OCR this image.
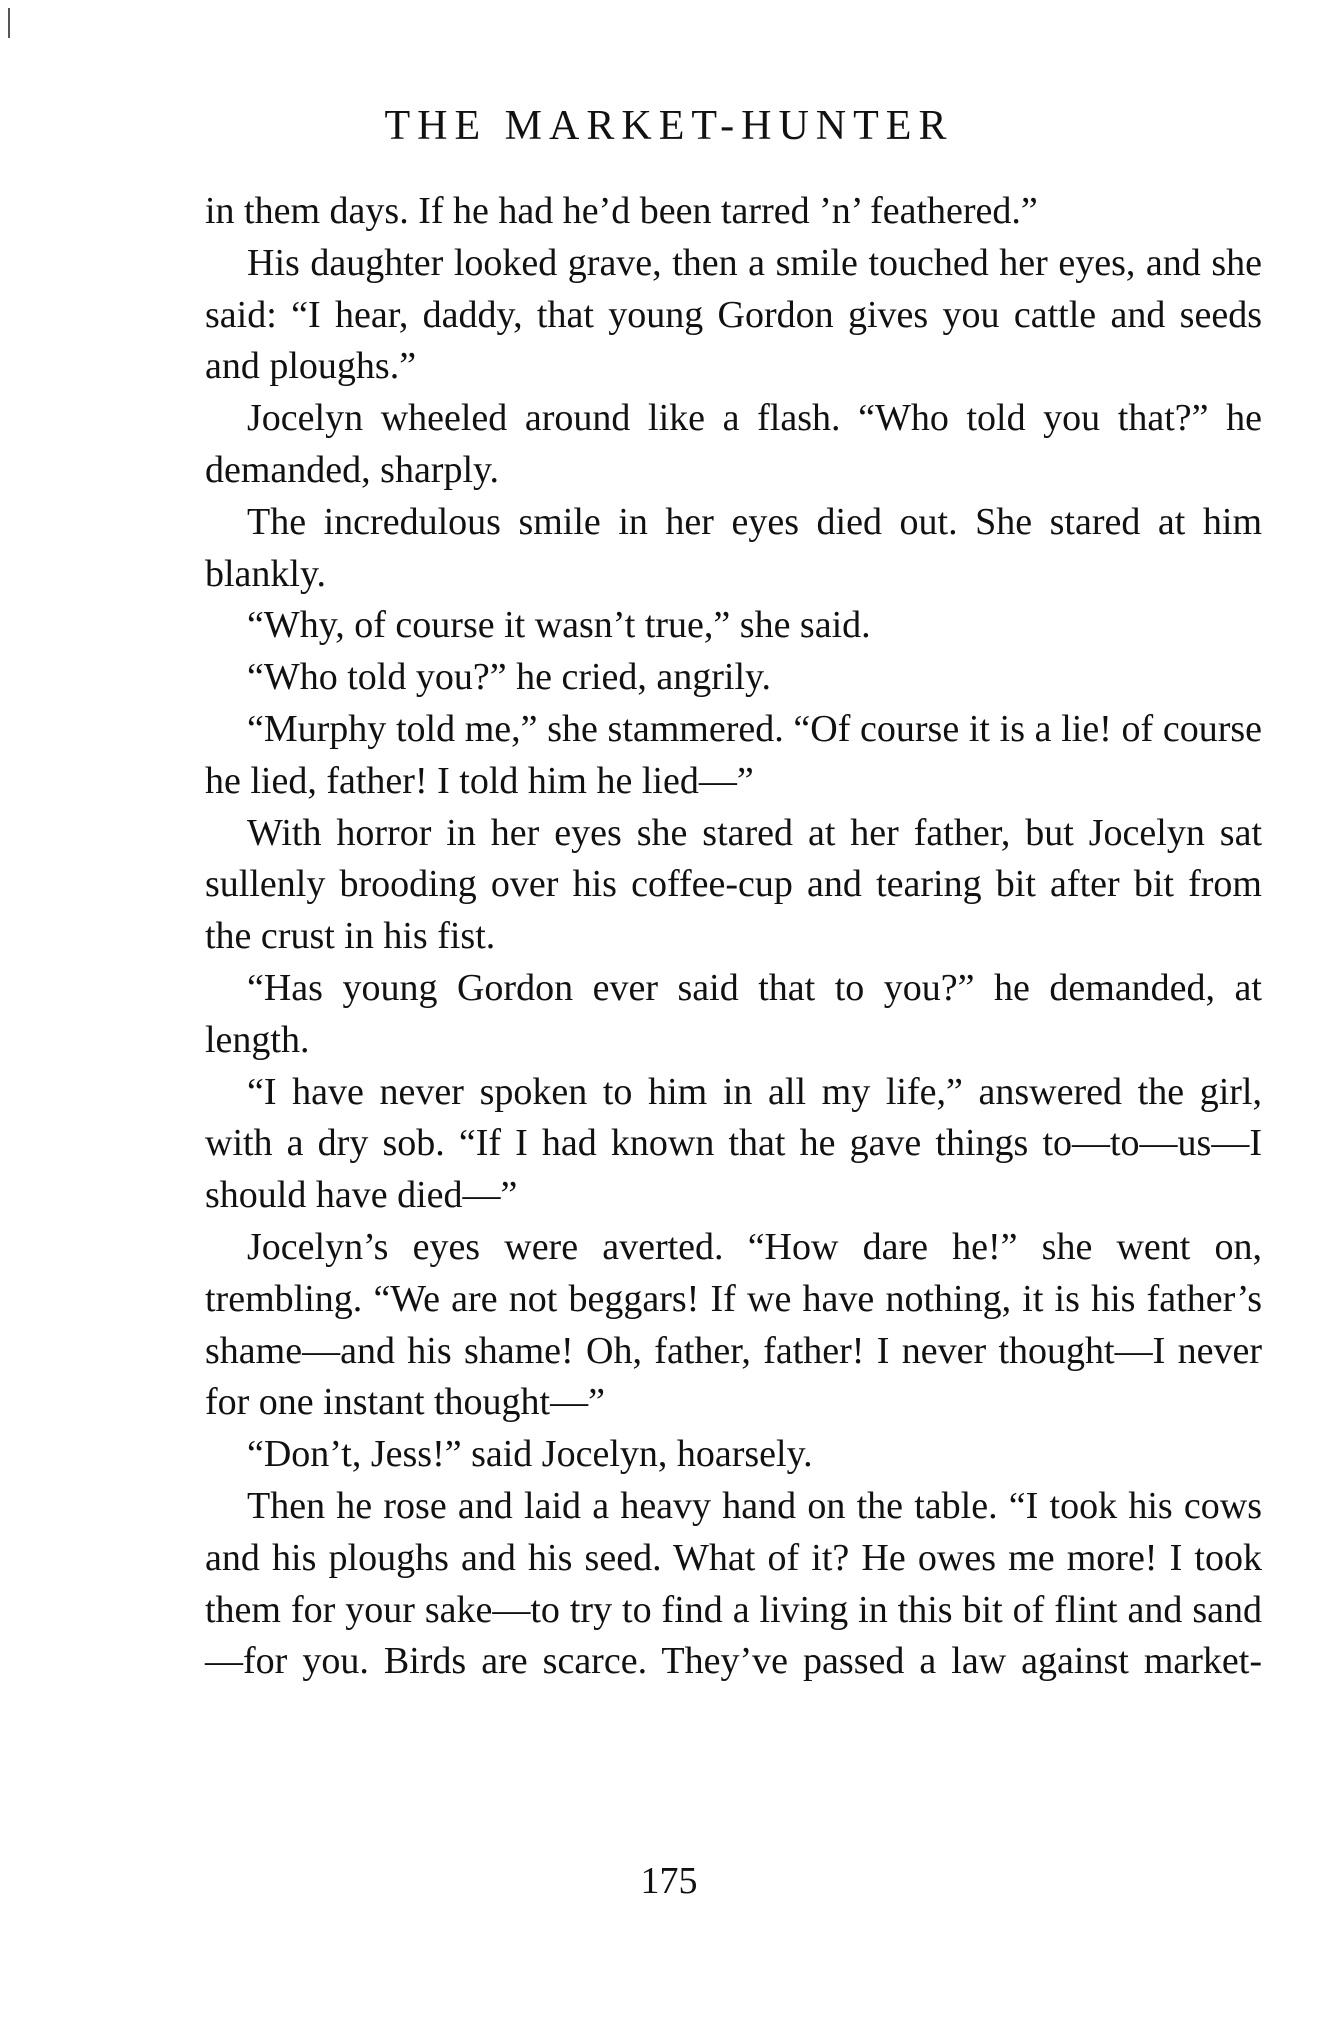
THE MARKET-HUNTER

in them days. If he had he’d been tarred ’n’ feathered.”

His daughter looked grave, then a smile touched her eyes, and she said: “I hear, daddy, that young Gordon gives you cattle and seeds and ploughs.”

Jocelyn wheeled around like a flash. “Who told you that?” he demanded, sharply.

The incredulous smile in her eyes died out. She stared at him blankly.

“Why, of course it wasn’t true,” she said.

“Who told you?” he cried, angrily.

“Murphy told me,” she stammered. “Of course it is a lie! of course he lied, father! I told him he lied—”

With horror in her eyes she stared at her father, but Jocelyn sat sullenly brooding over his coffee-cup and tearing bit after bit from the crust in his fist.

“Has young Gordon ever said that to you?” he demanded, at length.

“I have never spoken to him in all my life,” answered the girl, with a dry sob. “If I had known that he gave things to—to—us—I should have died—”

Jocelyn’s eyes were averted. “How dare he!” she went on, trembling. “We are not beggars! If we have nothing, it is his father’s shame—and his shame! Oh, father, father! I never thought—I never for one instant thought—”

“Don’t, Jess!” said Jocelyn, hoarsely.

Then he rose and laid a heavy hand on the table. “I took his cows and his ploughs and his seed. What of it? He owes me more! I took them for your sake—to try to find a living in this bit of flint and sand—for you. Birds are scarce. They’ve passed a law against market-

175
